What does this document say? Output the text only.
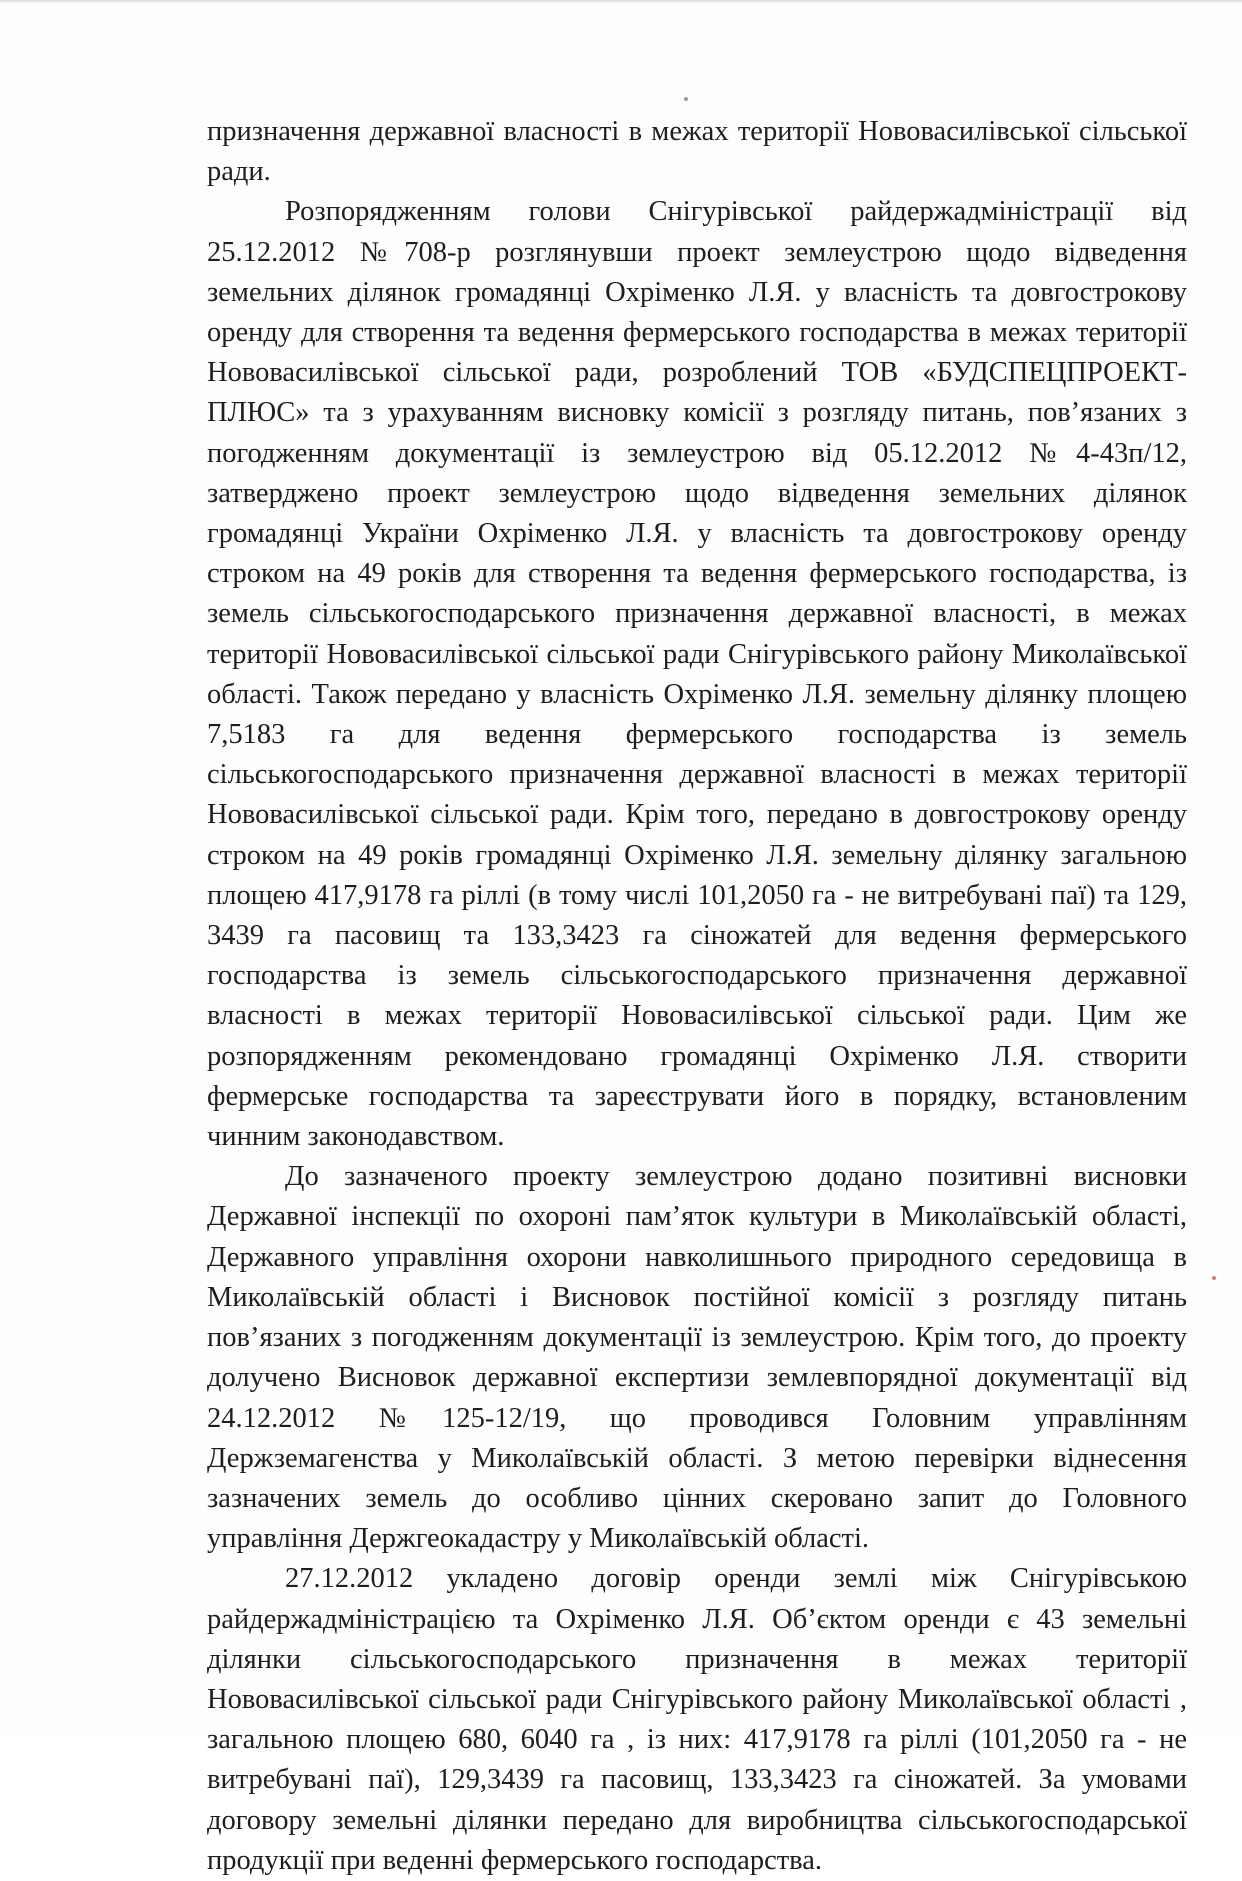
призначення державної власності в межах території Нововасилівської сільської ради.

Розпорядженням голови Снігурівської райдержадміністрації від 25.12.2012 №708-р розглянувши проект землеустрою щодо відведення земельних ділянок громадянці Охріменко Л.Я. у власність та довгострокову оренду для створення та ведення фермерського господарства в межах території Нововасилівської сільської ради, розроблений ТОВ «БУДСПЕЦПРОЕКТ-ПЛЮС» та з урахуванням висновку комісії з розгляду питань, пов’язаних з погодженням документації із землеустрою від 05.12.2012 №4-43п/12, затверджено проект землеустрою щодо відведення земельних ділянок громадянці України Охріменко Л.Я. у власність та довгострокову оренду строком на 49 років для створення та ведення фермерського господарства, із земель сільськогосподарського призначення державної власності, в межах території Нововасилівської сільської ради Снігурівського району Миколаївської області. Також передано у власність Охріменко Л.Я. земельну ділянку площею 7,5183 га для ведення фермерського господарства із земель сільськогосподарського призначення державної власності в межах території Нововасилівської сільської ради. Крім того, передано в довгострокову оренду строком на 49 років громадянці Охріменко Л.Я. земельну ділянку загальною площею 417,9178 га ріллі (в тому числі 101,2050 га - не витребувані паї) та 129, 3439 га пасовищ та 133,3423 га сіножатей для ведення фермерського господарства із земель сільськогосподарського призначення державної власності в межах території Нововасилівської сільської ради. Цим же розпорядженням рекомендовано громадянці Охріменко Л.Я. створити фермерське господарства та зареєструвати його в порядку, встановленим чинним законодавством.

До зазначеного проекту землеустрою додано позитивні висновки Державної інспекції по охороні пам’яток культури в Миколаївській області, Державного управління охорони навколишнього природного середовища в Миколаївській області і Висновок постійної комісії з розгляду питань пов’язаних з погодженням документації із землеустрою. Крім того, до проекту долучено Висновок державної експертизи землевпорядної документації від 24.12.2012 №125-12/19, що проводився Головним управлінням Держземагенства у Миколаївській області. З метою перевірки віднесення зазначених земель до особливо цінних скеровано запит до Головного управління Держгеокадастру у Миколаївській області.

27.12.2012 укладено договір оренди землі між Снігурівською райдержадміністрацією та Охріменко Л.Я. Об’єктом оренди є 43 земельні ділянки сільськогосподарського призначення в межах території Нововасилівської сільської ради Снігурівського району Миколаївської області , загальною площею 680, 6040 га , із них: 417,9178 га ріллі (101,2050 га - не витребувані паї), 129,3439 га пасовищ, 133,3423 га сіножатей. За умовами договору земельні ділянки передано для виробництва сільськогосподарської продукції при веденні фермерського господарства.
